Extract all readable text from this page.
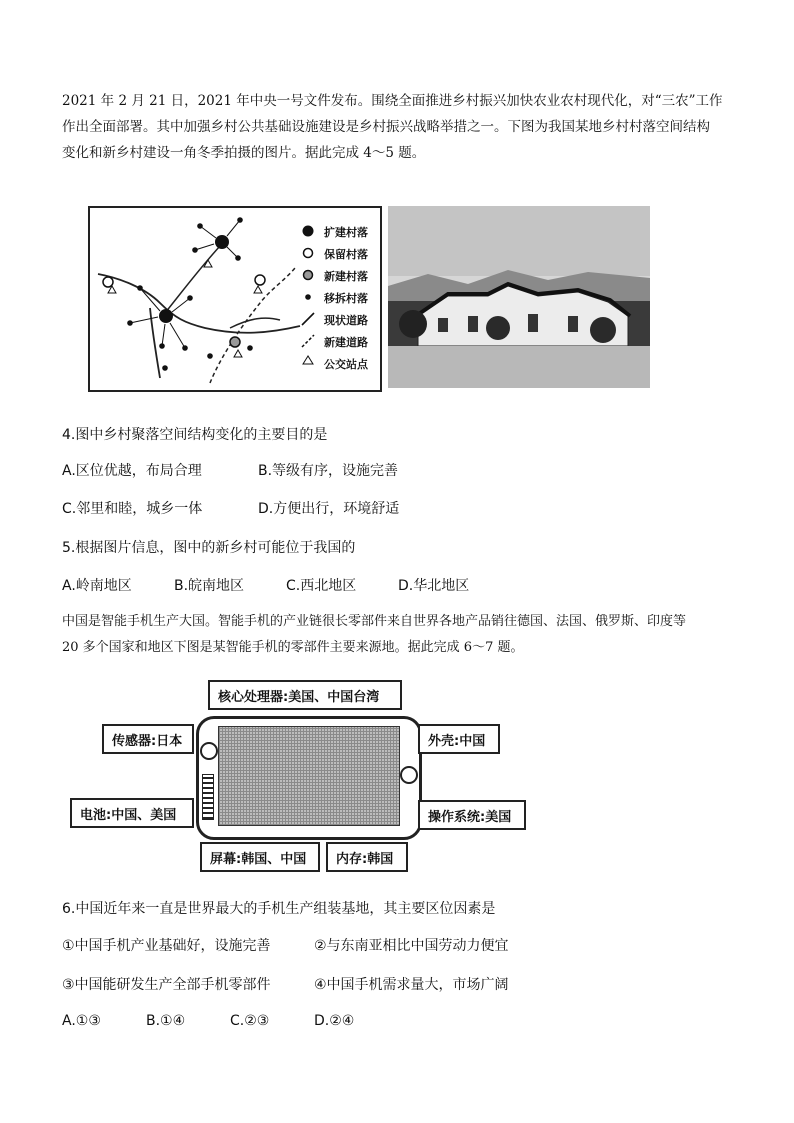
2021 年 2 月 21 日，2021 年中央一号文件发布。围绕全面推进乡村振兴加快农业农村现代化，对“三农”工作
作出全面部署。其中加强乡村公共基础设施建设是乡村振兴战略举措之一。下图为我国某地乡村村落空间结构
变化和新乡村建设一角冬季拍摄的图片。据此完成 4～5 题。
扩建村落
保留村落
新建村落
移拆村落
现状道路
新建道路
公交站点
4.图中乡村聚落空间结构变化的主要目的是
A.区位优越，布局合理	B.等级有序，设施完善
C.邻里和睦，城乡一体	D.方便出行，环境舒适
5.根据图片信息，图中的新乡村可能位于我国的
A.岭南地区	B.皖南地区	C.西北地区	D.华北地区
中国是智能手机生产大国。智能手机的产业链很长零部件来自世界各地产品销往德国、法国、俄罗斯、印度等
20 多个国家和地区下图是某智能手机的零部件主要来源地。据此完成 6～7 题。
核心处理器:美国、中国台湾
传感器:日本	外壳:中国
电池:中国、美国	操作系统:美国
屏幕:韩国、中国	内存:韩国
6.中国近年来一直是世界最大的手机生产组装基地，其主要区位因素是
①中国手机产业基础好，设施完善	②与东南亚相比中国劳动力便宜
③中国能研发生产全部手机零部件	④中国手机需求量大，市场广阔
A.①③	B.①④	C.②③	D.②④
